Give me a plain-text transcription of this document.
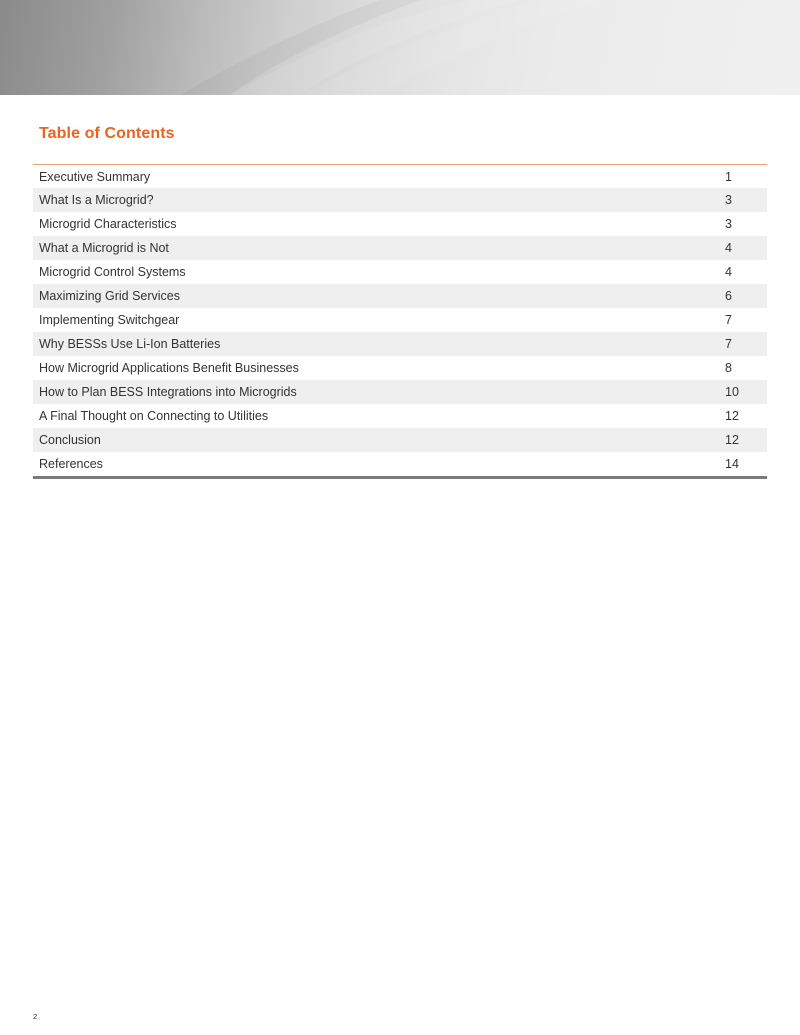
Table of Contents
Executive Summary	1
What Is a Microgrid?	3
Microgrid Characteristics	3
What a Microgrid is Not	4
Microgrid Control Systems	4
Maximizing Grid Services	6
Implementing Switchgear	7
Why BESSs Use Li-Ion Batteries	7
How Microgrid Applications Benefit Businesses	8
How to Plan BESS Integrations into Microgrids	10
A Final Thought on Connecting to Utilities	12
Conclusion	12
References	14
2
